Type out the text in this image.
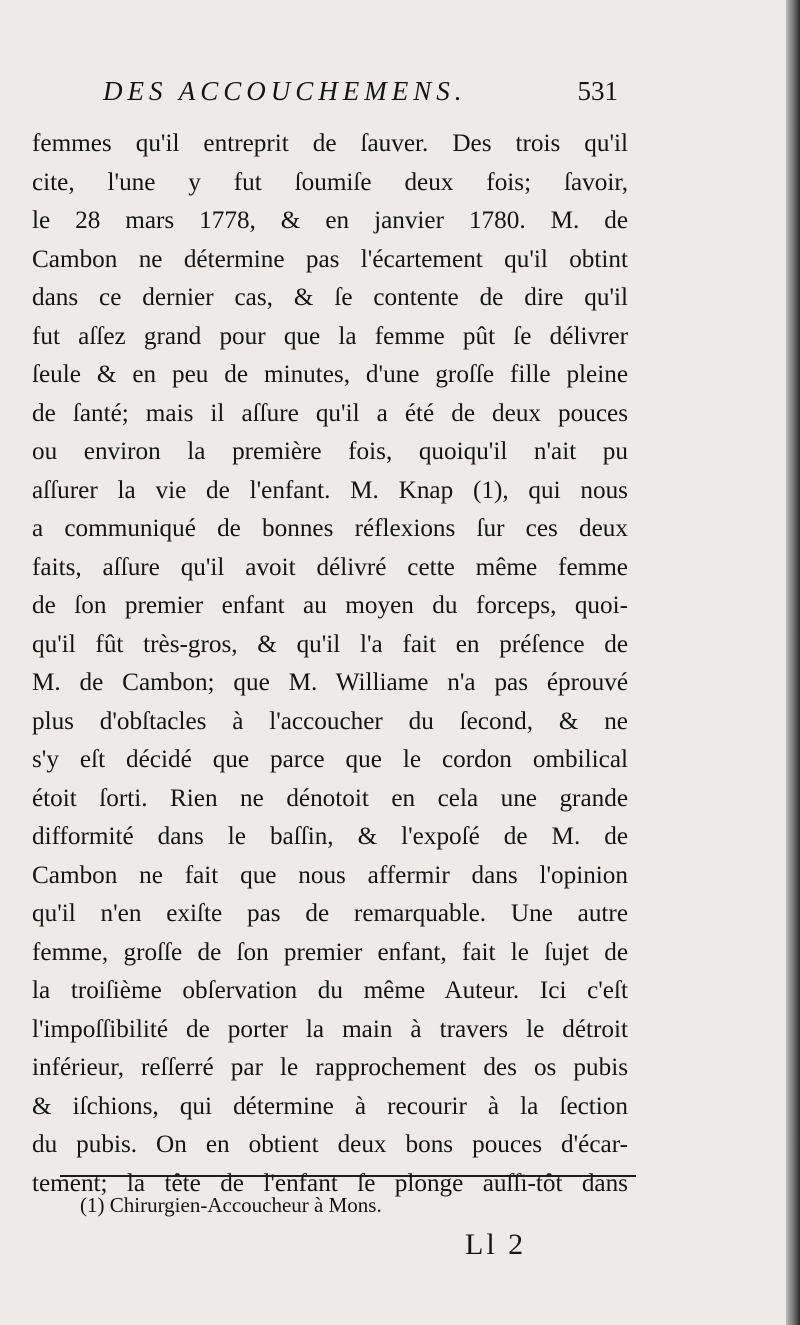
DES ACCOUCHEMENS.	531
femmes qu'il entreprit de ſauver. Des trois qu'il
cite, l'une y fut ſoumiſe deux fois; ſavoir,
le 28 mars 1778, & en janvier 1780. M. de
Cambon ne détermine pas l'écartement qu'il obtint
dans ce dernier cas, & ſe contente de dire qu'il
fut aſſez grand pour que la femme pût ſe délivrer
ſeule & en peu de minutes, d'une groſſe fille pleine
de ſanté; mais il aſſure qu'il a été de deux pouces
ou environ la première fois, quoiqu'il n'ait pu
aſſurer la vie de l'enfant. M. Knap (1), qui nous
a communiqué de bonnes réflexions ſur ces deux
faits, aſſure qu'il avoit délivré cette même femme
de ſon premier enfant au moyen du forceps, quoi-
qu'il fût très-gros, & qu'il l'a fait en préſence de
M. de Cambon; que M. Williame n'a pas éprouvé
plus d'obſtacles à l'accoucher du ſecond, & ne
s'y eſt décidé que parce que le cordon ombilical
étoit ſorti. Rien ne dénotoit en cela une grande
difformité dans le baſſin, & l'expoſé de M. de
Cambon ne fait que nous affermir dans l'opinion
qu'il n'en exiſte pas de remarquable. Une autre
femme, groſſe de ſon premier enfant, fait le ſujet de
la troiſième obſervation du même Auteur. Ici c'eſt
l'impoſſibilité de porter la main à travers le détroit
inférieur, reſſerré par le rapprochement des os pubis
& iſchions, qui détermine à recourir à la ſection
du pubis. On en obtient deux bons pouces d'écar-
tement; la tête de l'enfant ſe plonge auſſi-tôt dans
(1) Chirurgien-Accoucheur à Mons.
Ll 2
